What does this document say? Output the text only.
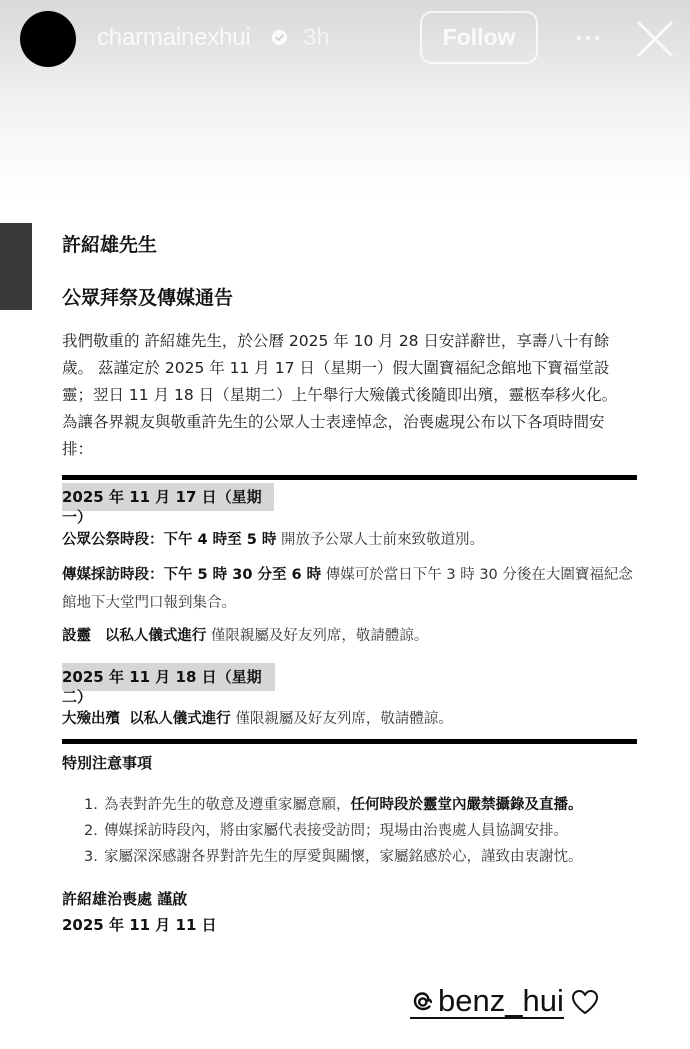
charmainexhui 3h	Follow
許紹雄先生
公眾拜祭及傳媒通告
我們敬重的 許紹雄先生，於公曆 2025 年 10 月 28 日安詳辭世，享壽八十有餘
歲。 茲謹定於 2025 年 11 月 17 日（星期一）假大圍寶福紀念館地下寶福堂設
靈；翌日 11 月 18 日（星期二）上午舉行大殮儀式後隨即出殯，靈柩奉移火化。
為讓各界親友與敬重許先生的公眾人士表達悼念，治喪處現公布以下各項時間安
排：
2025 年 11 月 17 日（星期一）
公眾公祭時段：下午 4 時至 5 時 開放予公眾人士前來致敬道別。
傳媒採訪時段：下午 5 時 30 分至 6 時 傳媒可於當日下午 3 時 30 分後在大圍寶福紀念
館地下大堂門口報到集合。
設靈 以私人儀式進行 僅限親屬及好友列席，敬請體諒。
2025 年 11 月 18 日（星期二）
大殮出殯 以私人儀式進行 僅限親屬及好友列席，敬請體諒。
特別注意事項
1. 為表對許先生的敬意及遵重家屬意願，任何時段於靈堂內嚴禁攝錄及直播。
2. 傳媒採訪時段內，將由家屬代表接受訪問；現場由治喪處人員協調安排。
3. 家屬深深感謝各界對許先生的厚愛與關懷，家屬銘感於心，謹致由衷謝忱。
許紹雄治喪處 謹啟
2025 年 11 月 11 日
benz_hui
